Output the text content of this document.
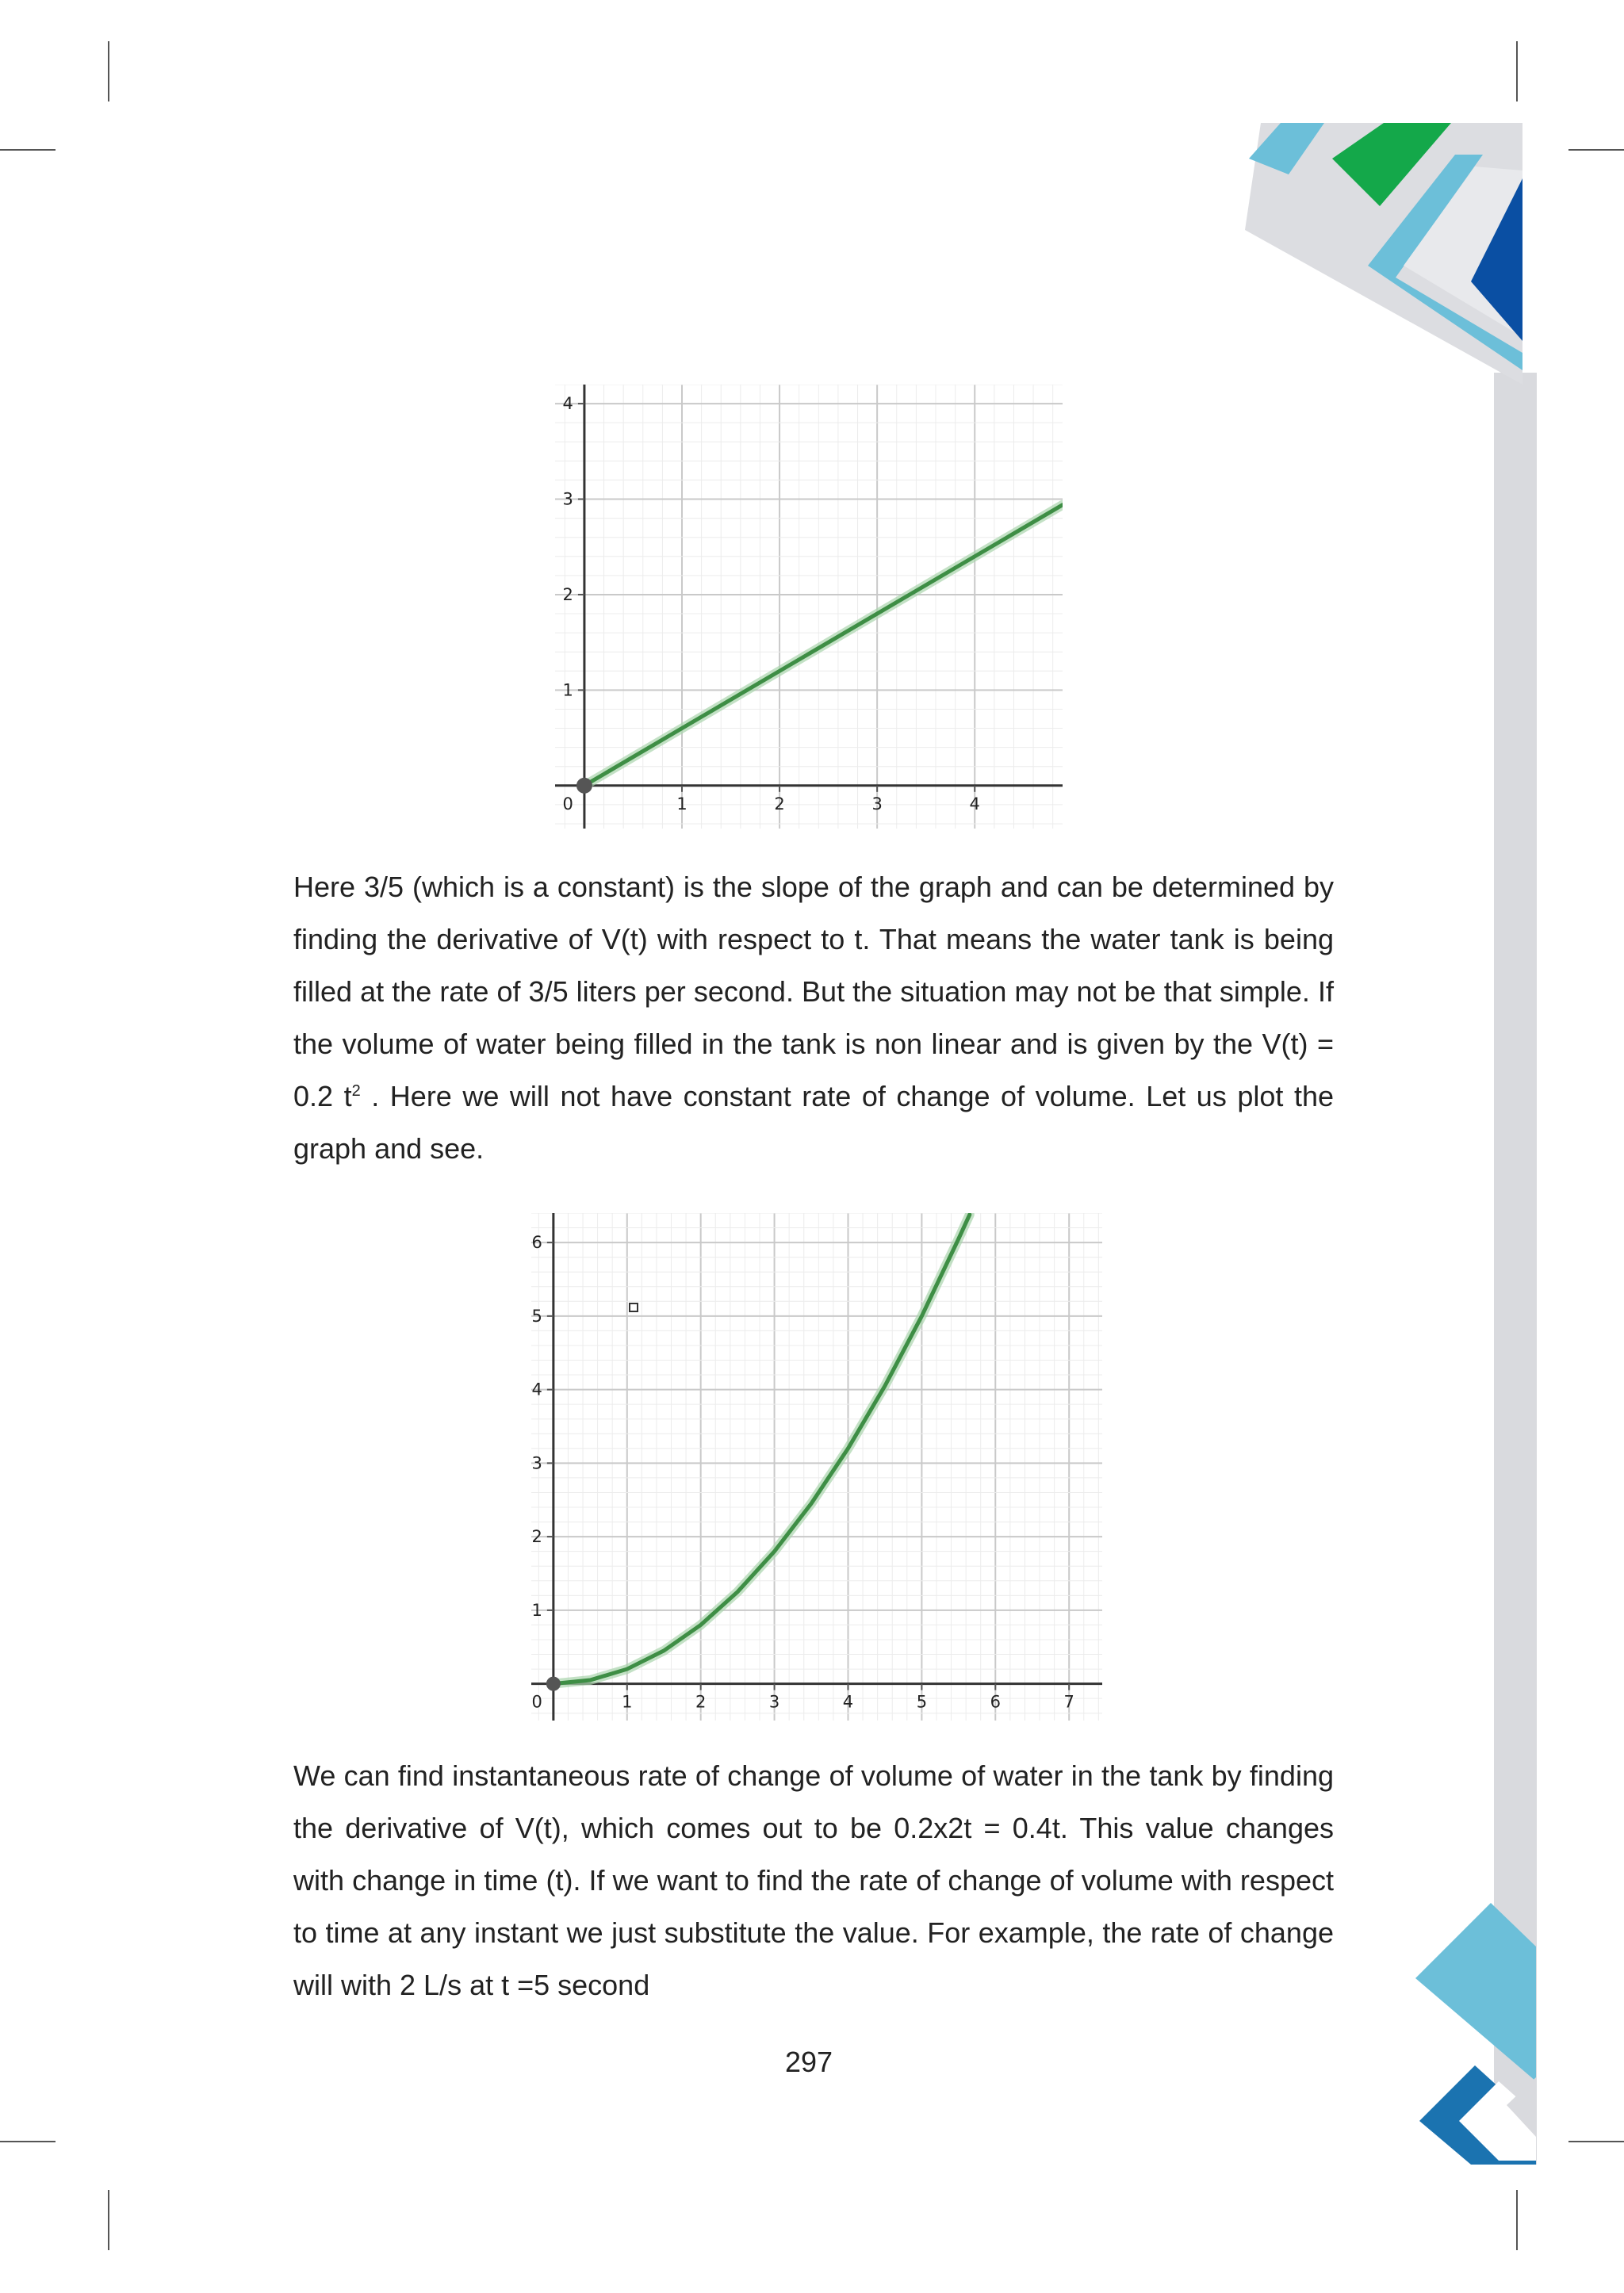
1	2	3	4
1
2
3
4
0

Here 3/5 (which is a constant) is the slope of the graph and can be determined by finding the derivative of V(t) with respect to t. That means the water tank is being filled at the rate of 3/5 liters per second. But the situation may not be that simple. If the volume of water being filled in the tank is non linear and is given by the V(t) = 0.2 $t^2$ . Here we will not have constant rate of change of volume. Let us plot the graph and see.

1	2	3	4	5	6	7
1
2
3
4
5
6
0

We can find instantaneous rate of change of volume of water in the tank by finding the derivative of V(t), which comes out to be 0.2x2t = 0.4t. This value changes with change in time (t). If we want to find the rate of change of volume with respect to time at any instant we just substitute the value. For example, the rate of change will with 2 L/s at t =5 second

297
